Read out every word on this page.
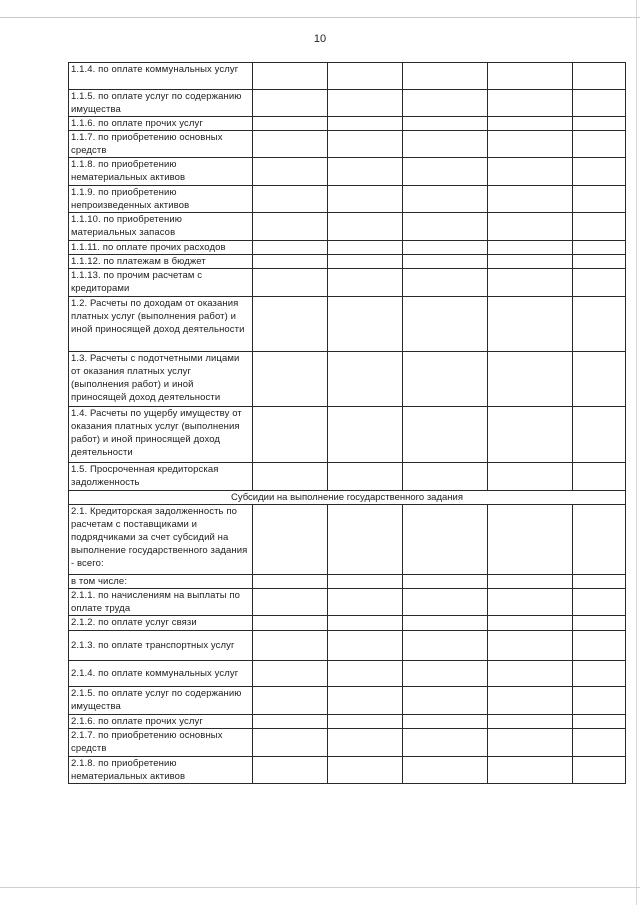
10
1.1.4. по оплате коммунальных услуг					
1.1.5. по оплате услуг по содержанию имущества					
1.1.6. по оплате прочих услуг					
1.1.7. по приобретению основных средств					
1.1.8. по приобретению нематериальных активов					
1.1.9. по приобретению непроизведенных активов					
1.1.10. по приобретению материальных запасов					
1.1.11. по оплате прочих расходов					
1.1.12. по платежам в бюджет					
1.1.13. по прочим расчетам с кредиторами					
1.2. Расчеты по доходам от оказания платных услуг (выполнения работ) и иной приносящей доход деятельности					
1.3. Расчеты с подотчетными лицами от оказания платных услуг (выполнения работ) и иной приносящей доход деятельности					
1.4. Расчеты по ущербу имуществу от оказания платных услуг (выполнения работ) и иной приносящей доход деятельности					
1.5. Просроченная кредиторская задолженность					
Субсидии на выполнение государственного задания					
2.1. Кредиторская задолженность по расчетам с поставщиками и подрядчиками за счет субсидий на выполнение государственного задания - всего:					
в том числе:					
2.1.1. по начислениям на выплаты по оплате труда					
2.1.2. по оплате услуг связи					
2.1.3. по оплате транспортных услуг					
2.1.4. по оплате коммунальных услуг					
2.1.5. по оплате услуг по содержанию имущества					
2.1.6. по оплате прочих услуг					
2.1.7. по приобретению основных средств					
2.1.8. по приобретению нематериальных активов					
